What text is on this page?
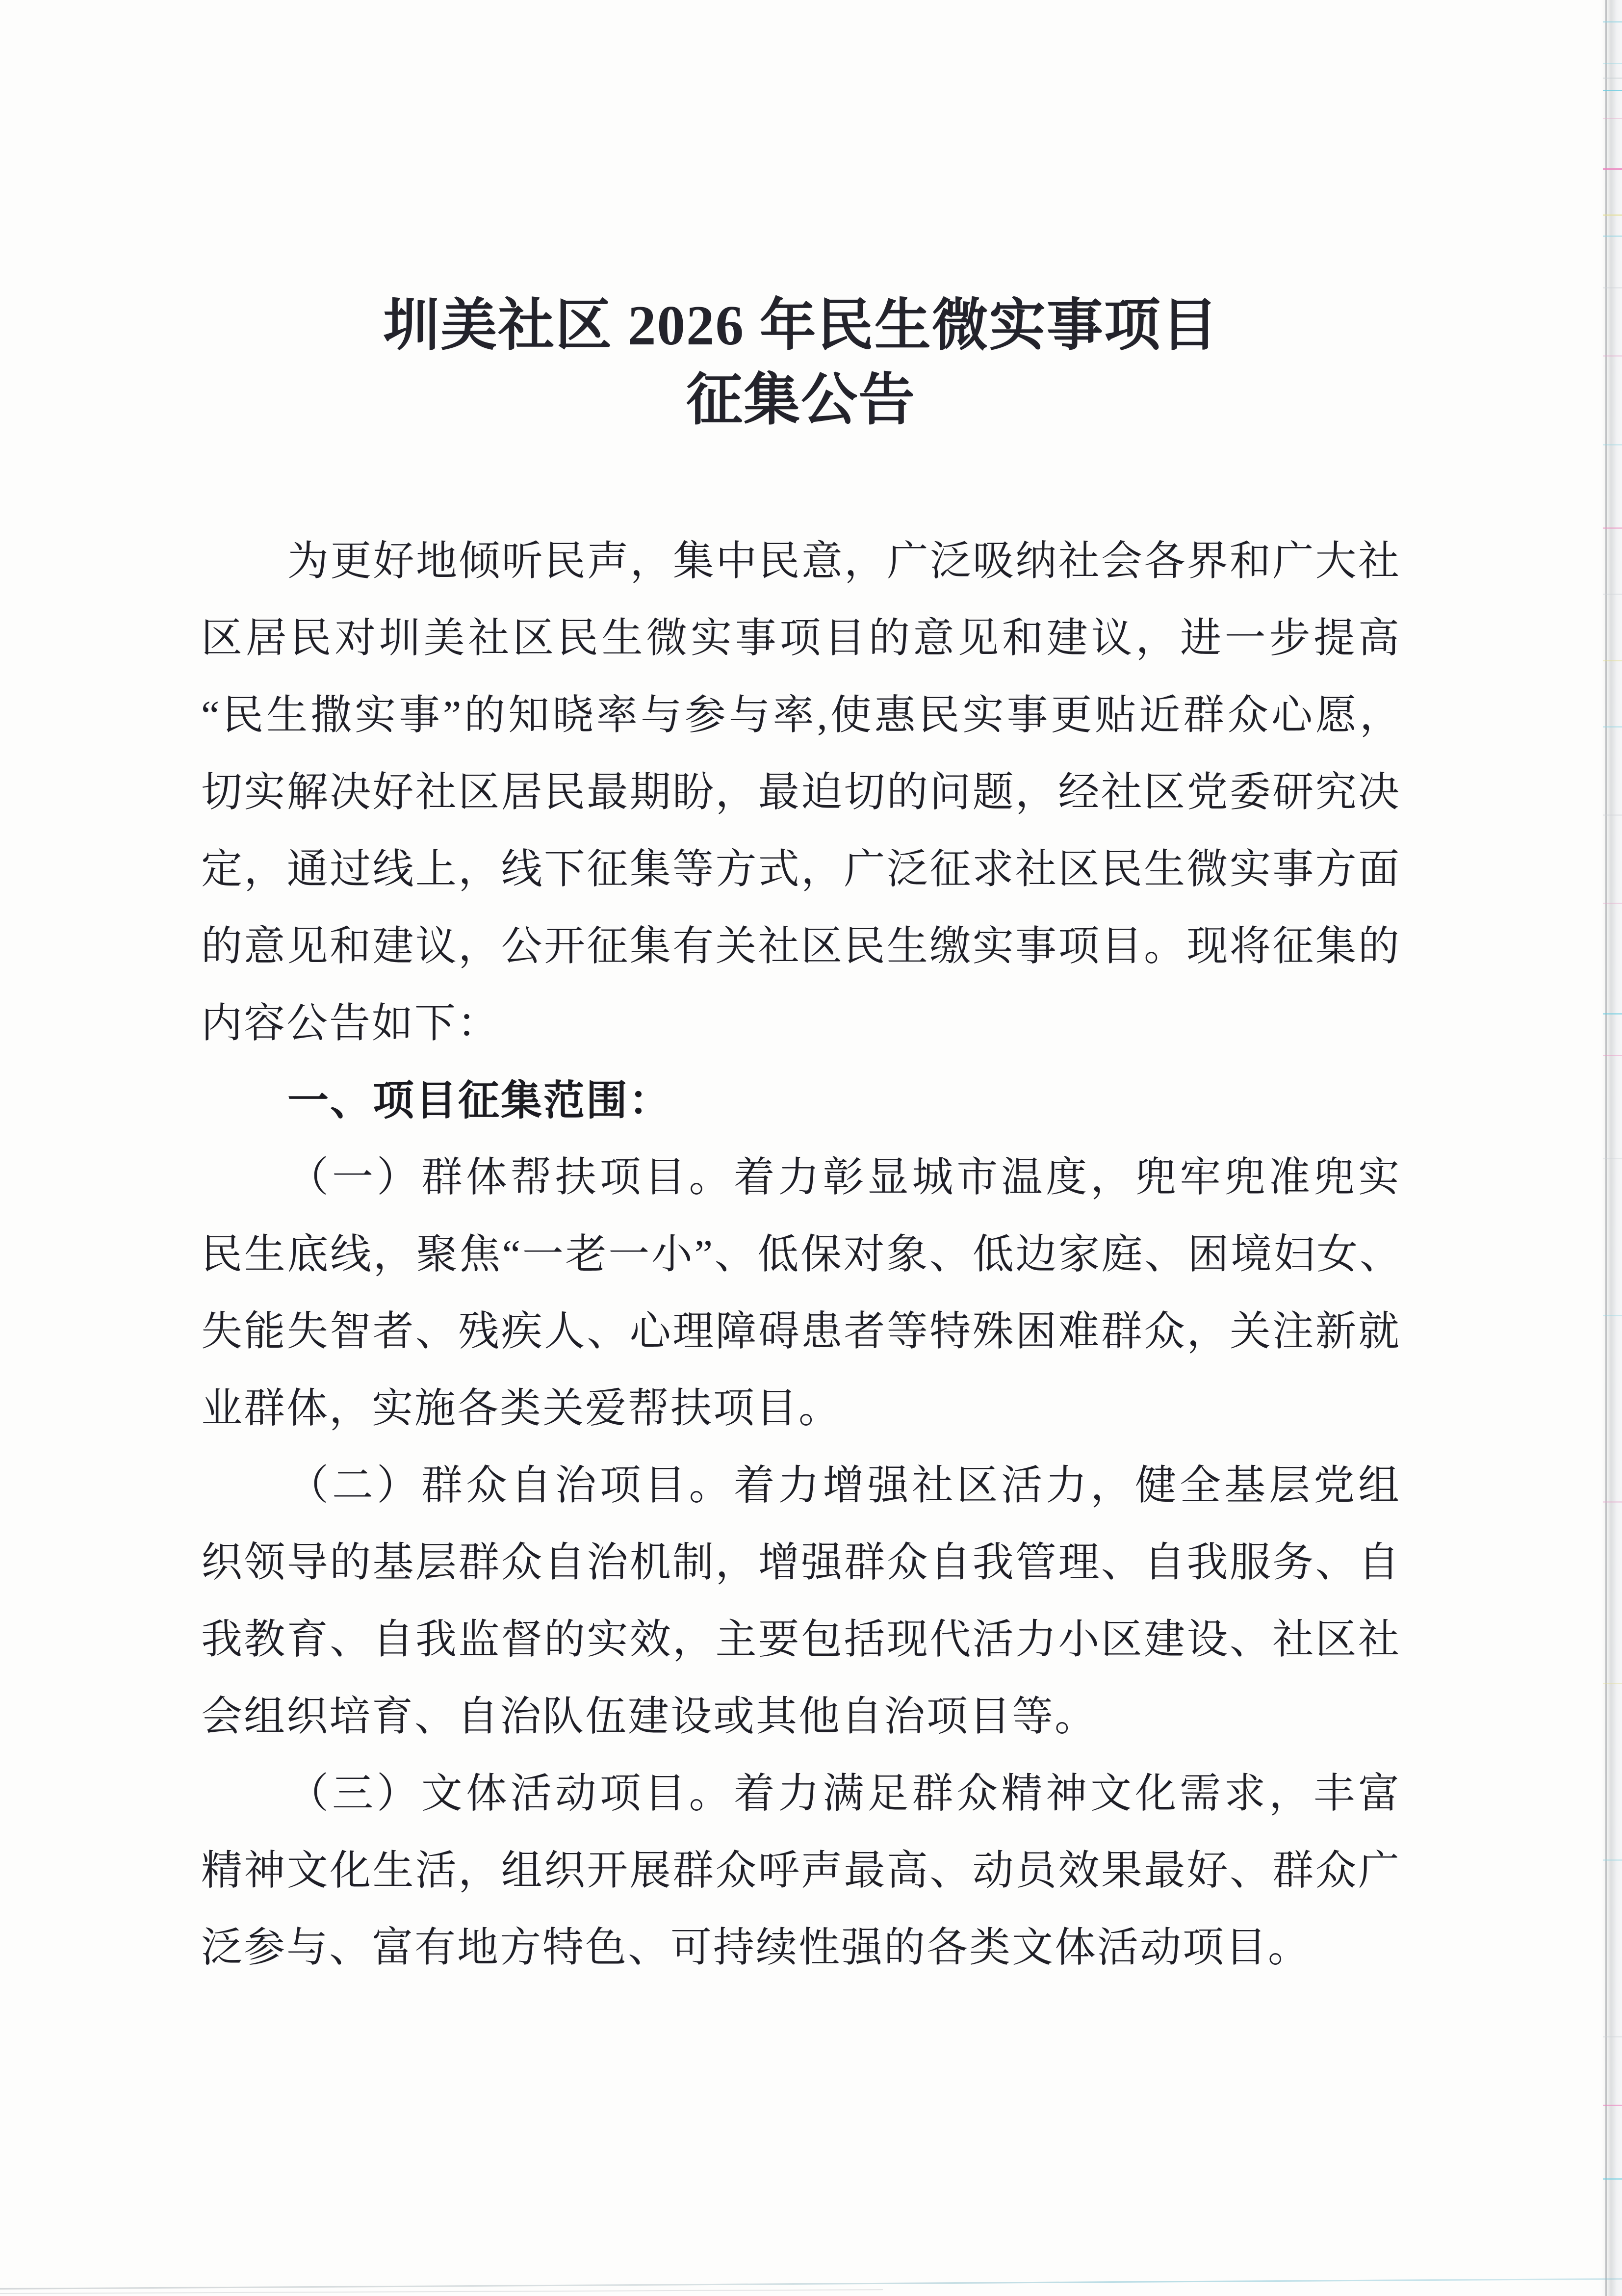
圳美社区 2026 年民生微实事项目
征集公告
为更好地倾听民声，集中民意，广泛吸纳社会各界和广大社
区居民对圳美社区民生微实事项目的意见和建议，进一步提高
“民生撒实事”的知晓率与参与率,使惠民实事更贴近群众心愿，
切实解决好社区居民最期盼，最迫切的问题，经社区党委研究决
定，通过线上，线下征集等方式，广泛征求社区民生微实事方面
的意见和建议，公开征集有关社区民生缴实事项目。现将征集的
内容公告如下：
一、项目征集范围：
（一）群体帮扶项目。着力彰显城市温度，兜牢兜准兜实
民生底线，聚焦“一老一小”、低保对象、低边家庭、困境妇女、
失能失智者、残疾人、心理障碍患者等特殊困难群众，关注新就
业群体，实施各类关爱帮扶项目。
（二）群众自治项目。着力增强社区活力，健全基层党组
织领导的基层群众自治机制，增强群众自我管理、自我服务、自
我教育、自我监督的实效，主要包括现代活力小区建设、社区社
会组织培育、自治队伍建设或其他自治项目等。
（三）文体活动项目。着力满足群众精神文化需求，丰富
精神文化生活，组织开展群众呼声最高、动员效果最好、群众广
泛参与、富有地方特色、可持续性强的各类文体活动项目。
